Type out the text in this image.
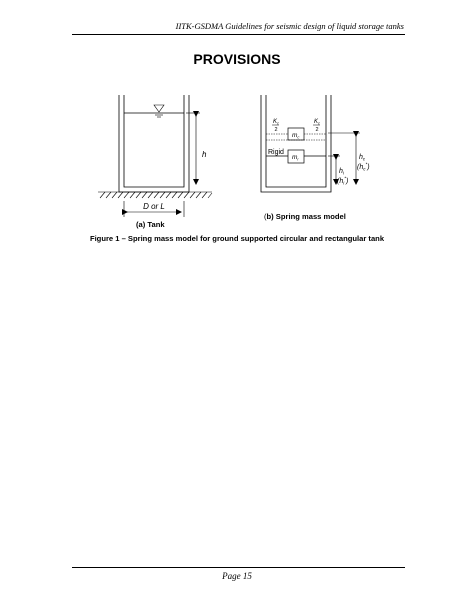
IITK-GSDMA Guidelines for seismic design of liquid storage tanks
PROVISIONS
h
D or L
(a) Tank
$K_c$
2
$K_c$
2
$m_c$
Rigid
$m_i$	$h_c$
$(h_c^*)$
$h_i$
$(h_i^*)$
(b) Spring mass model
Figure 1 – Spring mass model for ground supported circular and rectangular tank
Page 15
